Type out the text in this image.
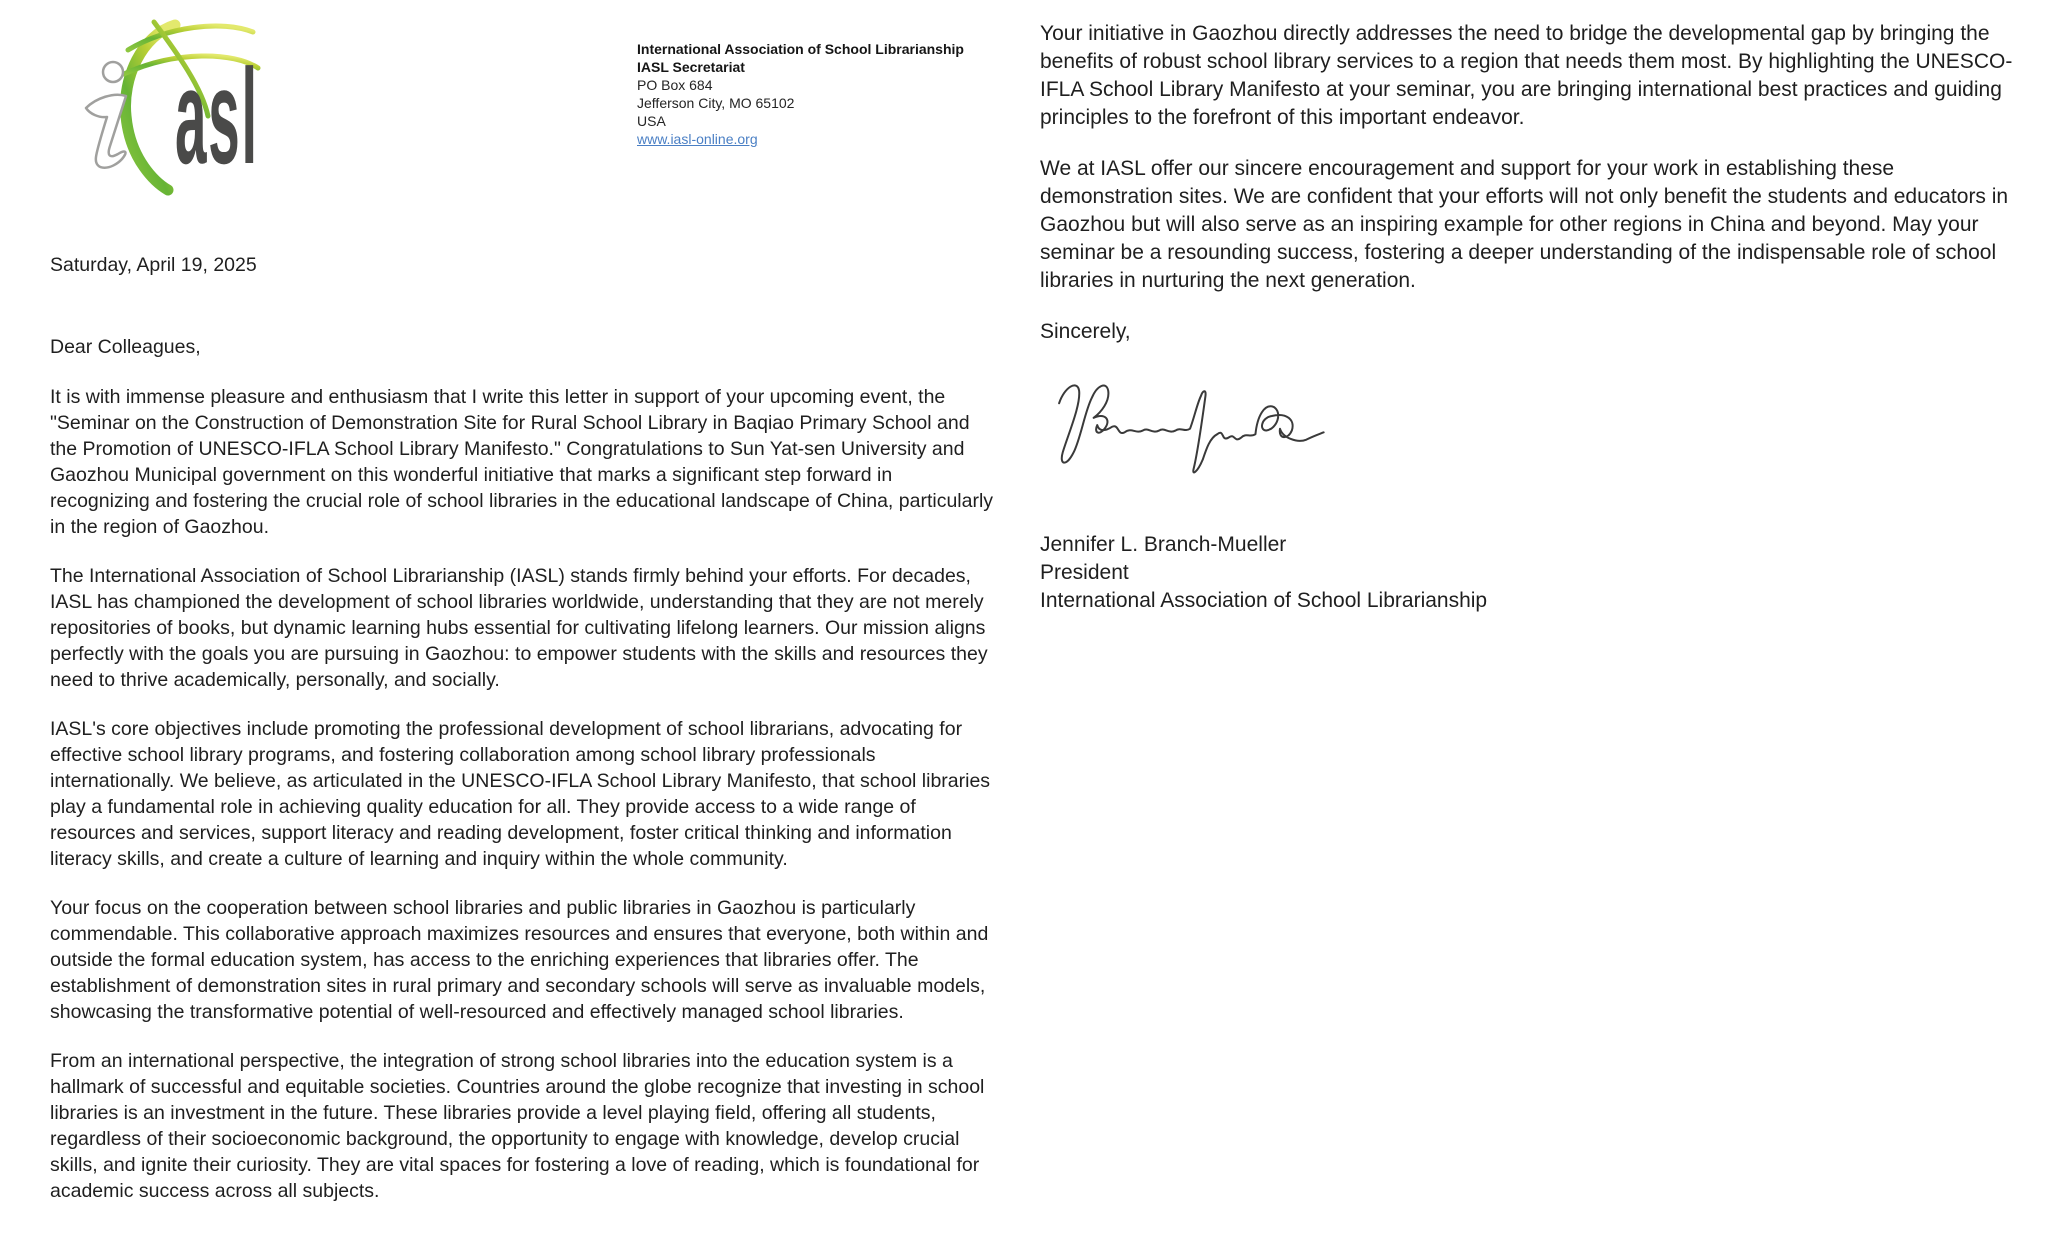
asl	International Association of School Librarianship
IASL Secretariat
PO Box 684
Jefferson City, MO 65102
USA
www.iasl-online.org

Saturday, April 19, 2025

Dear Colleagues,

It is with immense pleasure and enthusiasm that I write this letter in support of your upcoming event, the "Seminar on the Construction of Demonstration Site for Rural School Library in Baqiao Primary School and the Promotion of UNESCO-IFLA School Library Manifesto." Congratulations to Sun Yat-sen University and Gaozhou Municipal government on this wonderful initiative that marks a significant step forward in recognizing and fostering the crucial role of school libraries in the educational landscape of China, particularly in the region of Gaozhou.

The International Association of School Librarianship (IASL) stands firmly behind your efforts. For decades, IASL has championed the development of school libraries worldwide, understanding that they are not merely repositories of books, but dynamic learning hubs essential for cultivating lifelong learners. Our mission aligns perfectly with the goals you are pursuing in Gaozhou: to empower students with the skills and resources they need to thrive academically, personally, and socially.

IASL's core objectives include promoting the professional development of school librarians, advocating for effective school library programs, and fostering collaboration among school library professionals internationally. We believe, as articulated in the UNESCO-IFLA School Library Manifesto, that school libraries play a fundamental role in achieving quality education for all. They provide access to a wide range of resources and services, support literacy and reading development, foster critical thinking and information literacy skills, and create a culture of learning and inquiry within the whole community.

Your focus on the cooperation between school libraries and public libraries in Gaozhou is particularly commendable. This collaborative approach maximizes resources and ensures that everyone, both within and outside the formal education system, has access to the enriching experiences that libraries offer. The establishment of demonstration sites in rural primary and secondary schools will serve as invaluable models, showcasing the transformative potential of well-resourced and effectively managed school libraries.

From an international perspective, the integration of strong school libraries into the education system is a hallmark of successful and equitable societies. Countries around the globe recognize that investing in school libraries is an investment in the future. These libraries provide a level playing field, offering all students, regardless of their socioeconomic background, the opportunity to engage with knowledge, develop crucial skills, and ignite their curiosity. They are vital spaces for fostering a love of reading, which is foundational for academic success across all subjects.

Your initiative in Gaozhou directly addresses the need to bridge the developmental gap by bringing the benefits of robust school library services to a region that needs them most. By highlighting the UNESCO-IFLA School Library Manifesto at your seminar, you are bringing international best practices and guiding principles to the forefront of this important endeavor.

We at IASL offer our sincere encouragement and support for your work in establishing these demonstration sites. We are confident that your efforts will not only benefit the students and educators in Gaozhou but will also serve as an inspiring example for other regions in China and beyond. May your seminar be a resounding success, fostering a deeper understanding of the indispensable role of school libraries in nurturing the next generation.

Sincerely,

Jennifer L. Branch-Mueller
President
International Association of School Librarianship
